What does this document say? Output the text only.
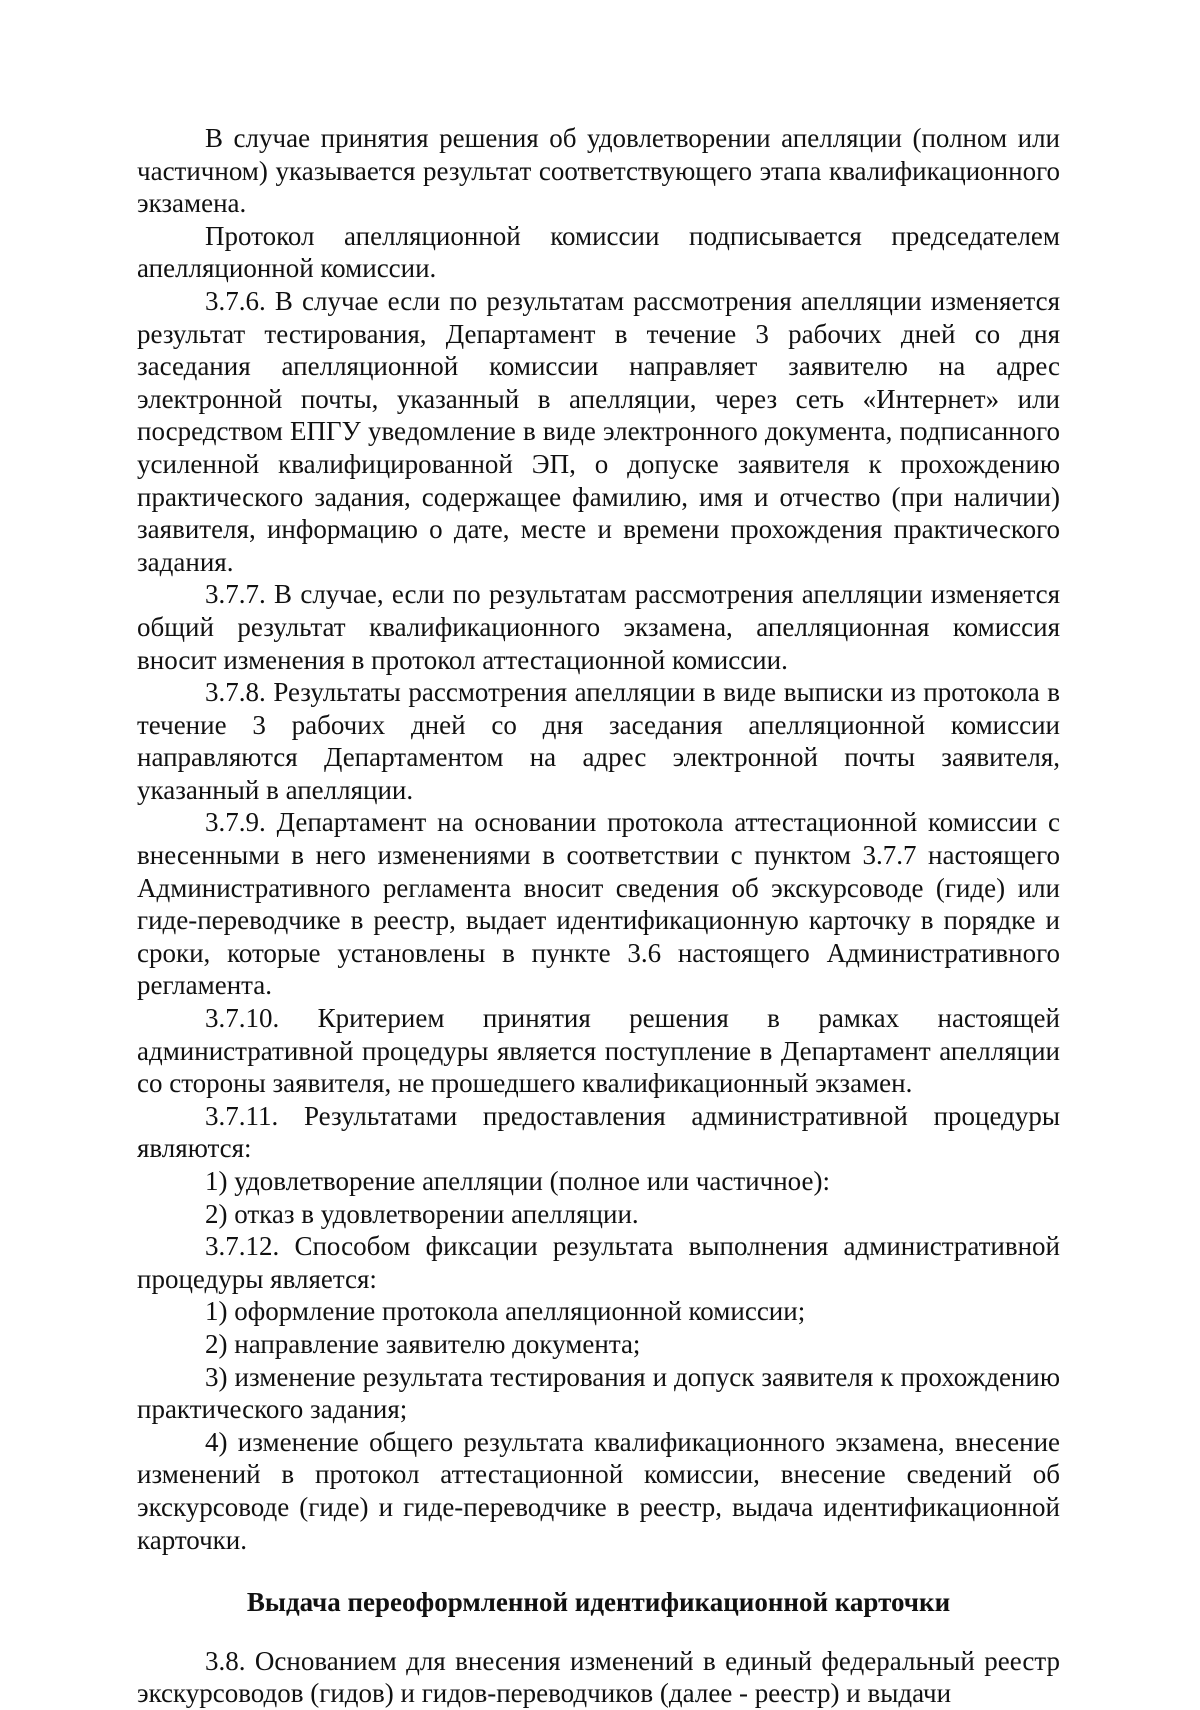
В случае принятия решения об удовлетворении апелляции (полном или частичном) указывается результат соответствующего этапа квалификационного экзамена.

Протокол апелляционной комиссии подписывается председателем апелляционной комиссии.

3.7.6. В случае если по результатам рассмотрения апелляции изменяется результат тестирования, Департамент в течение 3 рабочих дней со дня заседания апелляционной комиссии направляет заявителю на адрес электронной почты, указанный в апелляции, через сеть «Интернет» или посредством ЕПГУ уведомление в виде электронного документа, подписанного усиленной квалифицированной ЭП, о допуске заявителя к прохождению практического задания, содержащее фамилию, имя и отчество (при наличии) заявителя, информацию о дате, месте и времени прохождения практического задания.

3.7.7. В случае, если по результатам рассмотрения апелляции изменяется общий результат квалификационного экзамена, апелляционная комиссия вносит изменения в протокол аттестационной комиссии.

3.7.8. Результаты рассмотрения апелляции в виде выписки из протокола в течение 3 рабочих дней со дня заседания апелляционной комиссии направляются Департаментом на адрес электронной почты заявителя, указанный в апелляции.

3.7.9. Департамент на основании протокола аттестационной комиссии с внесенными в него изменениями в соответствии с пунктом 3.7.7 настоящего Административного регламента вносит сведения об экскурсоводе (гиде) или гиде-переводчике в реестр, выдает идентификационную карточку в порядке и сроки, которые установлены в пункте 3.6 настоящего Административного регламента.

3.7.10. Критерием принятия решения в рамках настоящей административной процедуры является поступление в Департамент апелляции со стороны заявителя, не прошедшего квалификационный экзамен.

3.7.11. Результатами предоставления административной процедуры являются:

1) удовлетворение апелляции (полное или частичное):

2) отказ в удовлетворении апелляции.

3.7.12. Способом фиксации результата выполнения административной процедуры является:

1) оформление протокола апелляционной комиссии;

2) направление заявителю документа;

3) изменение результата тестирования и допуск заявителя к прохождению практического задания;

4) изменение общего результата квалификационного экзамена, внесение изменений в протокол аттестационной комиссии, внесение сведений об экскурсоводе (гиде) и гиде-переводчике в реестр, выдача идентификационной карточки.

Выдача переоформленной идентификационной карточки

3.8. Основанием для внесения изменений в единый федеральный реестр экскурсоводов (гидов) и гидов-переводчиков (далее - реестр) и выдачи
